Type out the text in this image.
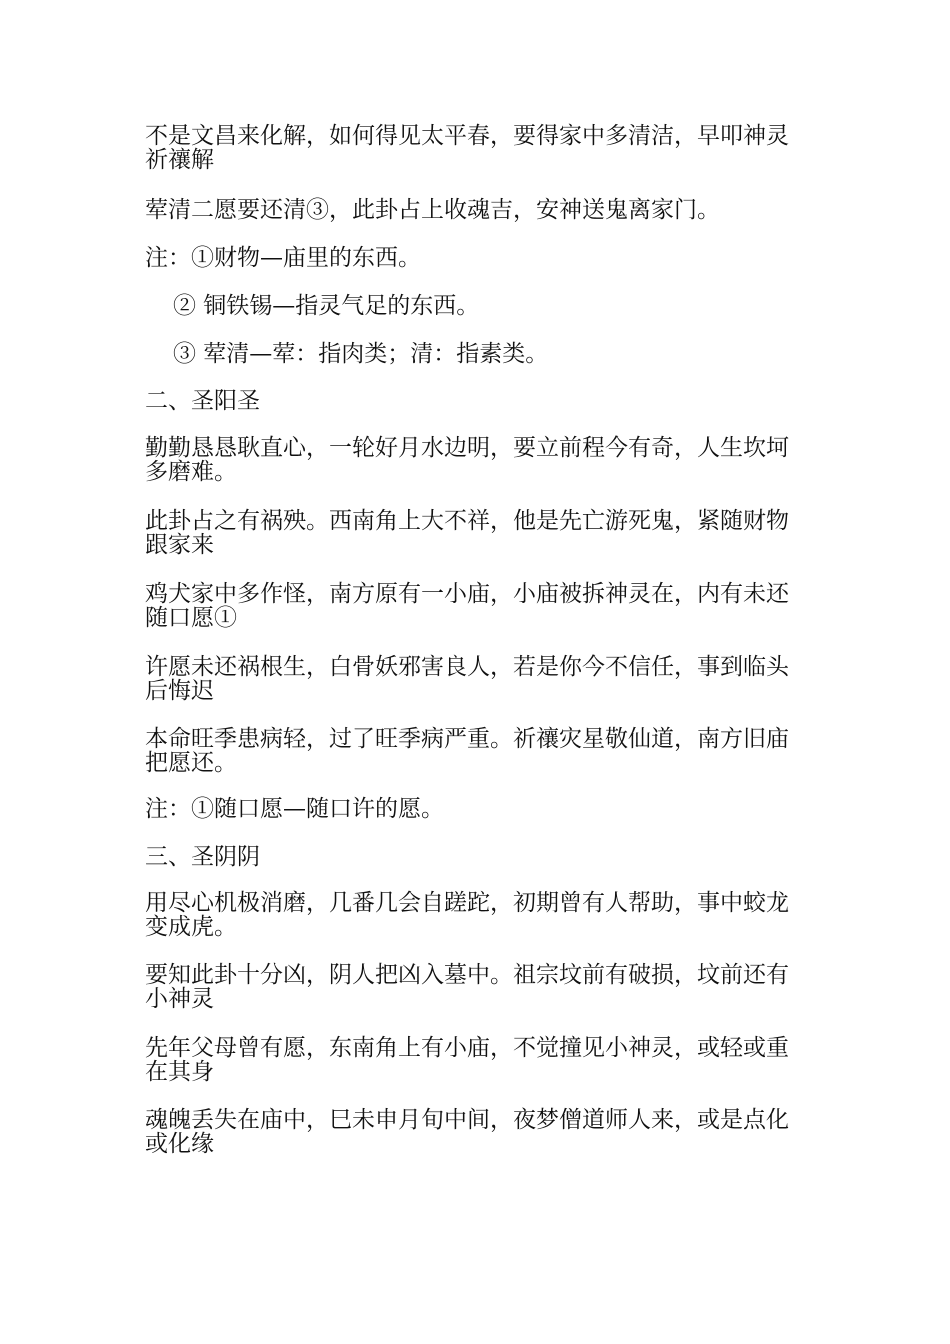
不是文昌来化解，如何得见太平春，要得家中多清洁，早叩神灵祈禳解
荤清二愿要还清③，此卦占上收魂吉，安神送鬼离家门。
注：①财物—庙里的东西。
② 铜铁锡—指灵气足的东西。
③ 荤清—荤：指肉类；清：指素类。
二、圣阳圣
勤勤恳恳耿直心，一轮好月水边明，要立前程今有奇，人生坎坷多磨难。
此卦占之有祸殃。西南角上大不祥，他是先亡游死鬼，紧随财物跟家来
鸡犬家中多作怪，南方原有一小庙，小庙被拆神灵在，内有未还随口愿①
许愿未还祸根生，白骨妖邪害良人，若是你今不信任，事到临头后悔迟
本命旺季患病轻，过了旺季病严重。祈禳灾星敬仙道，南方旧庙把愿还。
注：①随口愿—随口许的愿。
三、圣阴阴
用尽心机极消磨，几番几会自蹉跎，初期曾有人帮助，事中蛟龙变成虎。
要知此卦十分凶，阴人把凶入墓中。祖宗坟前有破损，坟前还有小神灵
先年父母曾有愿，东南角上有小庙，不觉撞见小神灵，或轻或重在其身
魂魄丢失在庙中，巳未申月旬中间，夜梦僧道师人来，或是点化或化缘
